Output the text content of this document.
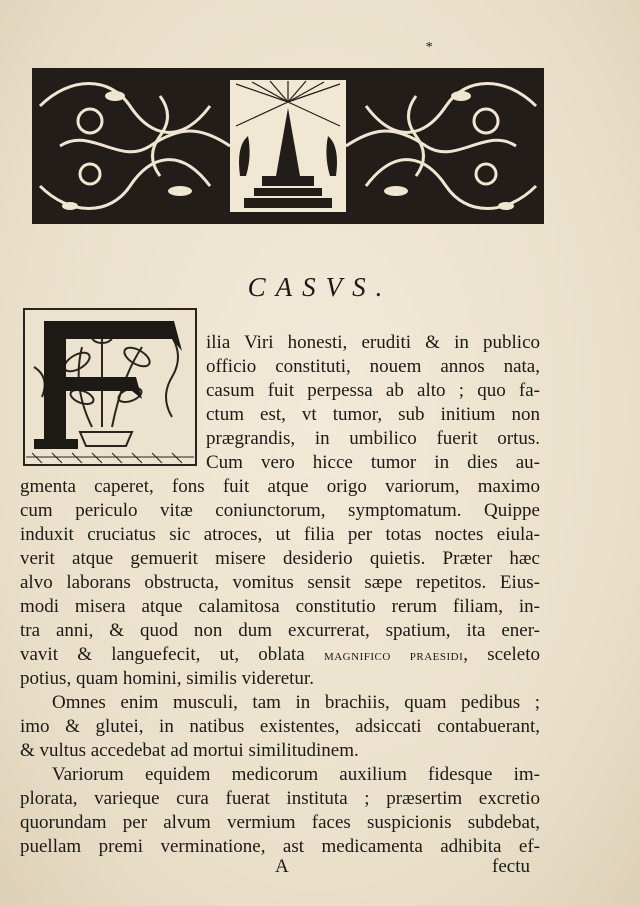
*
CASVS.
F
ilia Viri honesti, eruditi & in publico
officio constituti, nouem annos nata,
casum fuit perpessa ab alto ; quo fa-
ctum est, vt tumor, sub initium non
prægrandis, in umbilico fuerit ortus.
Cum vero hicce tumor in dies au-
gmenta caperet, fons fuit atque origo variorum, maximo
cum periculo vitæ coniunctorum, symptomatum. Quippe
induxit cruciatus sic atroces, ut filia per totas noctes eiula-
verit atque gemuerit misere desiderio quietis. Præter hæc
alvo laborans obstructa, vomitus sensit sæpe repetitos. Eius-
modi misera atque calamitosa constitutio rerum filiam, in-
tra anni, & quod non dum excurrerat, spatium, ita ener-
vavit & languefecit, ut, oblata magnifico praesidi, sceleto
potius, quam homini, similis videretur.
Omnes enim musculi, tam in brachiis, quam pedibus ;
imo & glutei, in natibus existentes, adsiccati contabuerant,
& vultus accedebat ad mortui similitudinem.
Variorum equidem medicorum auxilium fidesque im-
plorata, varieque cura fuerat instituta ; præsertim excretio
quorundam per alvum vermium faces suspicionis subdebat,
puellam premi verminatione, ast medicamenta adhibita ef-
A	fectu
